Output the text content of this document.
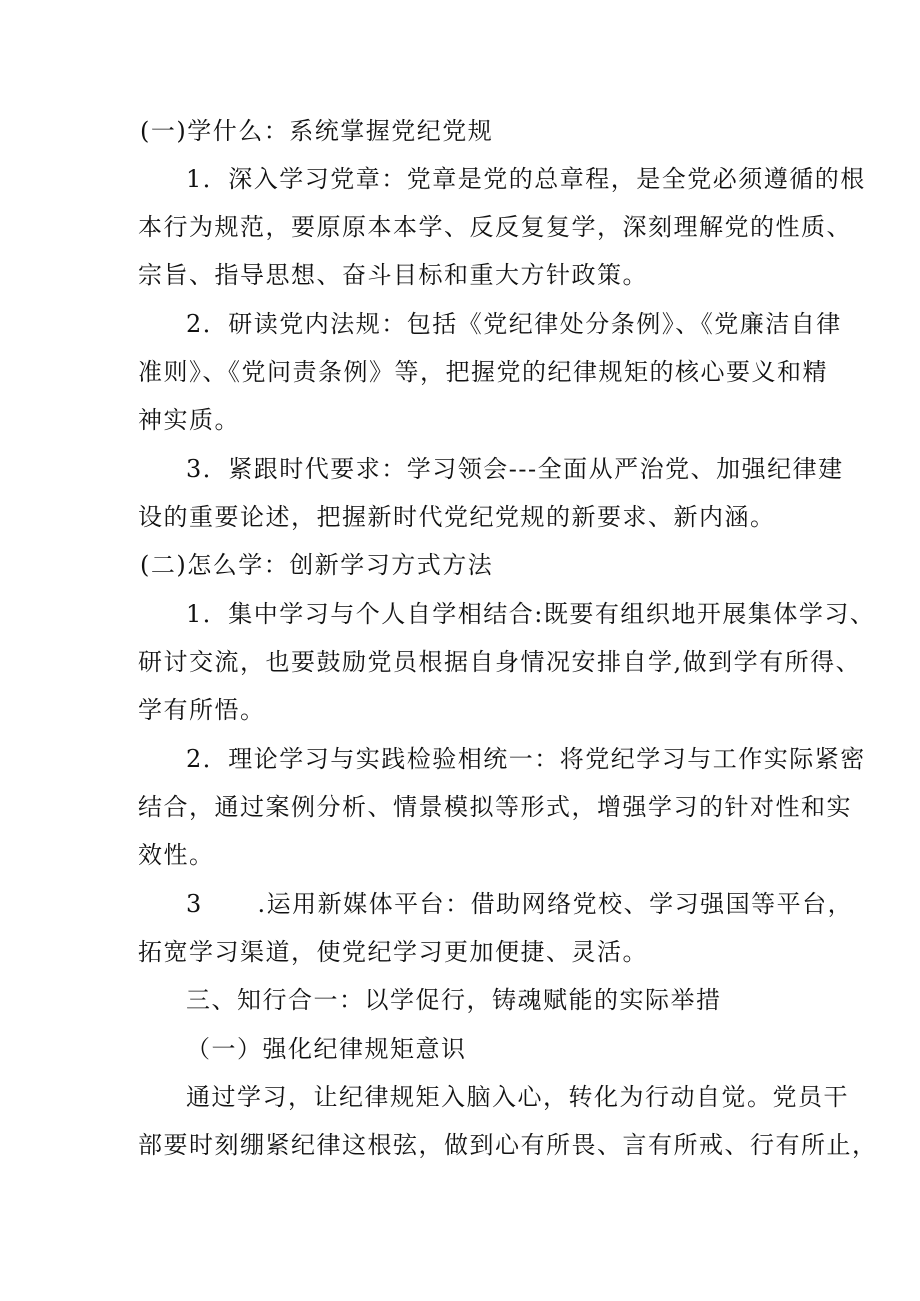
(一)学什么：系统掌握党纪党规
1．深入学习党章：党章是党的总章程，是全党必须遵循的根
本行为规范，要原原本本学、反反复复学，深刻理解党的性质、
宗旨、指导思想、奋斗目标和重大方针政策。
2．研读党内法规：包括《党纪律处分条例》、《党廉洁自律
准则》、《党问责条例》等，把握党的纪律规矩的核心要义和精
神实质。
3．紧跟时代要求：学习领会---全面从严治党、加强纪律建
设的重要论述，把握新时代党纪党规的新要求、新内涵。
(二)怎么学：创新学习方式方法
1．集中学习与个人自学相结合:既要有组织地开展集体学习、
研讨交流，也要鼓励党员根据自身情况安排自学,做到学有所得、
学有所悟。
2．理论学习与实践检验相统一：将党纪学习与工作实际紧密
结合，通过案例分析、情景模拟等形式，增强学习的针对性和实
效性。
3      .运用新媒体平台：借助网络党校、学习强国等平台，
拓宽学习渠道，使党纪学习更加便捷、灵活。
三、知行合一：以学促行，铸魂赋能的实际举措
（一）强化纪律规矩意识
通过学习，让纪律规矩入脑入心，转化为行动自觉。党员干
部要时刻绷紧纪律这根弦，做到心有所畏、言有所戒、行有所止，
